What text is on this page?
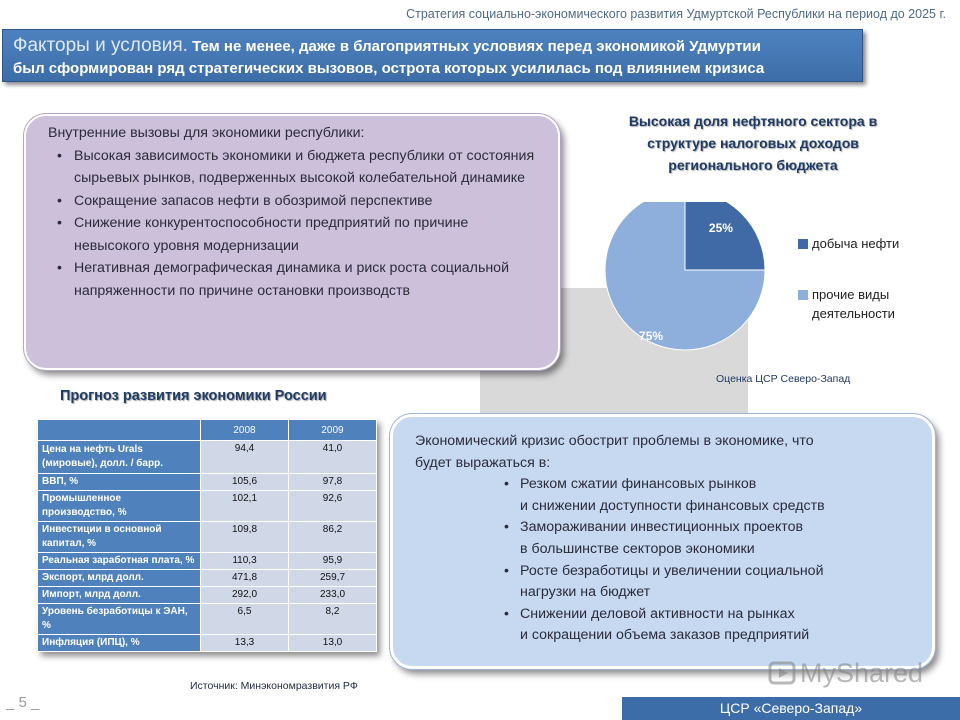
Стратегия социально-экономического развития Удмуртской Республики на период до 2025 г.
Факторы и условия. Тем не менее, даже в благоприятных условиях перед экономикой Удмуртии
был сформирован ряд стратегических вызовов, острота которых усилилась под влиянием кризиса
Внутренние вызовы для экономики республики:
• Высокая зависимость экономики и бюджета республики от состояния сырьевых рынков, подверженных высокой колебательной динамике
• Сокращение запасов нефти в обозримой перспективе
• Снижение конкурентоспособности предприятий по причине невысокого уровня модернизации
• Негативная демографическая динамика и риск роста социальной напряженности по причине остановки производств
Высокая доля нефтяного сектора в
структуре налоговых доходов
регионального бюджета
25%
75%
добыча нефти
прочие виды деятельности
Оценка ЦСР Северо-Запад
Прогноз развития экономики России
	2008	2009
Цена на нефть Urals (мировые), долл. / барр.	94,4	41,0
ВВП, %	105,6	97,8
Промышленное производство, %	102,1	92,6
Инвестиции в основной капитал, %	109,8	86,2
Реальная заработная плата, %	110,3	95,9
Экспорт, млрд долл.	471,8	259,7
Импорт, млрд долл.	292,0	233,0
Уровень безработицы к ЭАН, %	6,5	8,2
Инфляция (ИПЦ), %	13,3	13,0
Экономический кризис обострит проблемы в экономике, что
будет выражаться в:
• Резком сжатии финансовых рынков
и снижении доступности финансовых средств
• Замораживании инвестиционных проектов
в большинстве секторов экономики
• Росте безработицы и увеличении социальной
нагрузки на бюджет
• Снижении деловой активности на рынках
и сокращении объема заказов предприятий
MyShared
Источник: Минэкономразвития РФ
_ 5 _	ЦСР «Северо-Запад»
